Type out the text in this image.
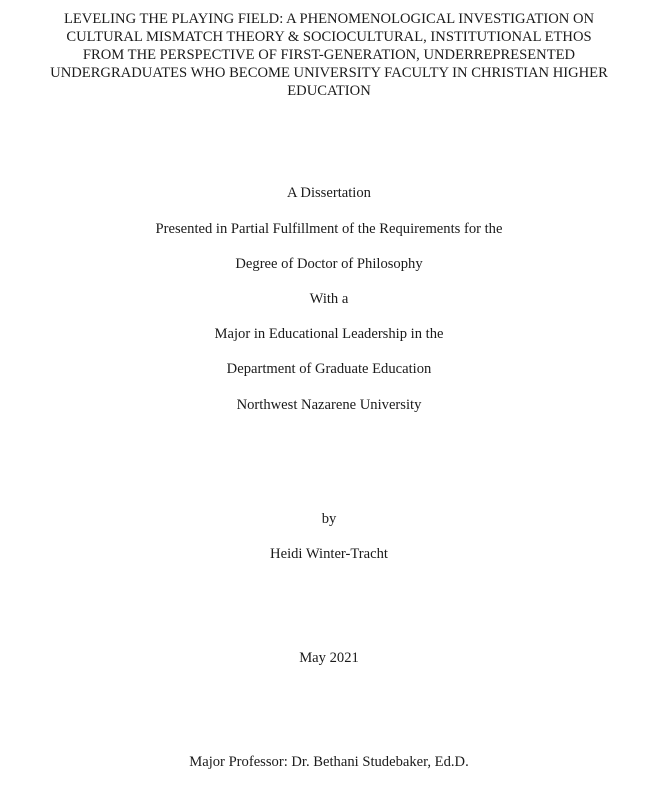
LEVELING THE PLAYING FIELD: A PHENOMENOLOGICAL INVESTIGATION ON
CULTURAL MISMATCH THEORY & SOCIOCULTURAL, INSTITUTIONAL ETHOS
FROM THE PERSPECTIVE OF FIRST-GENERATION, UNDERREPRESENTED
UNDERGRADUATES WHO BECOME UNIVERSITY FACULTY IN CHRISTIAN HIGHER
EDUCATION
A Dissertation
Presented in Partial Fulfillment of the Requirements for the
Degree of Doctor of Philosophy
With a
Major in Educational Leadership in the
Department of Graduate Education
Northwest Nazarene University
by
Heidi Winter-Tracht
May 2021
Major Professor: Dr. Bethani Studebaker, Ed.D.
